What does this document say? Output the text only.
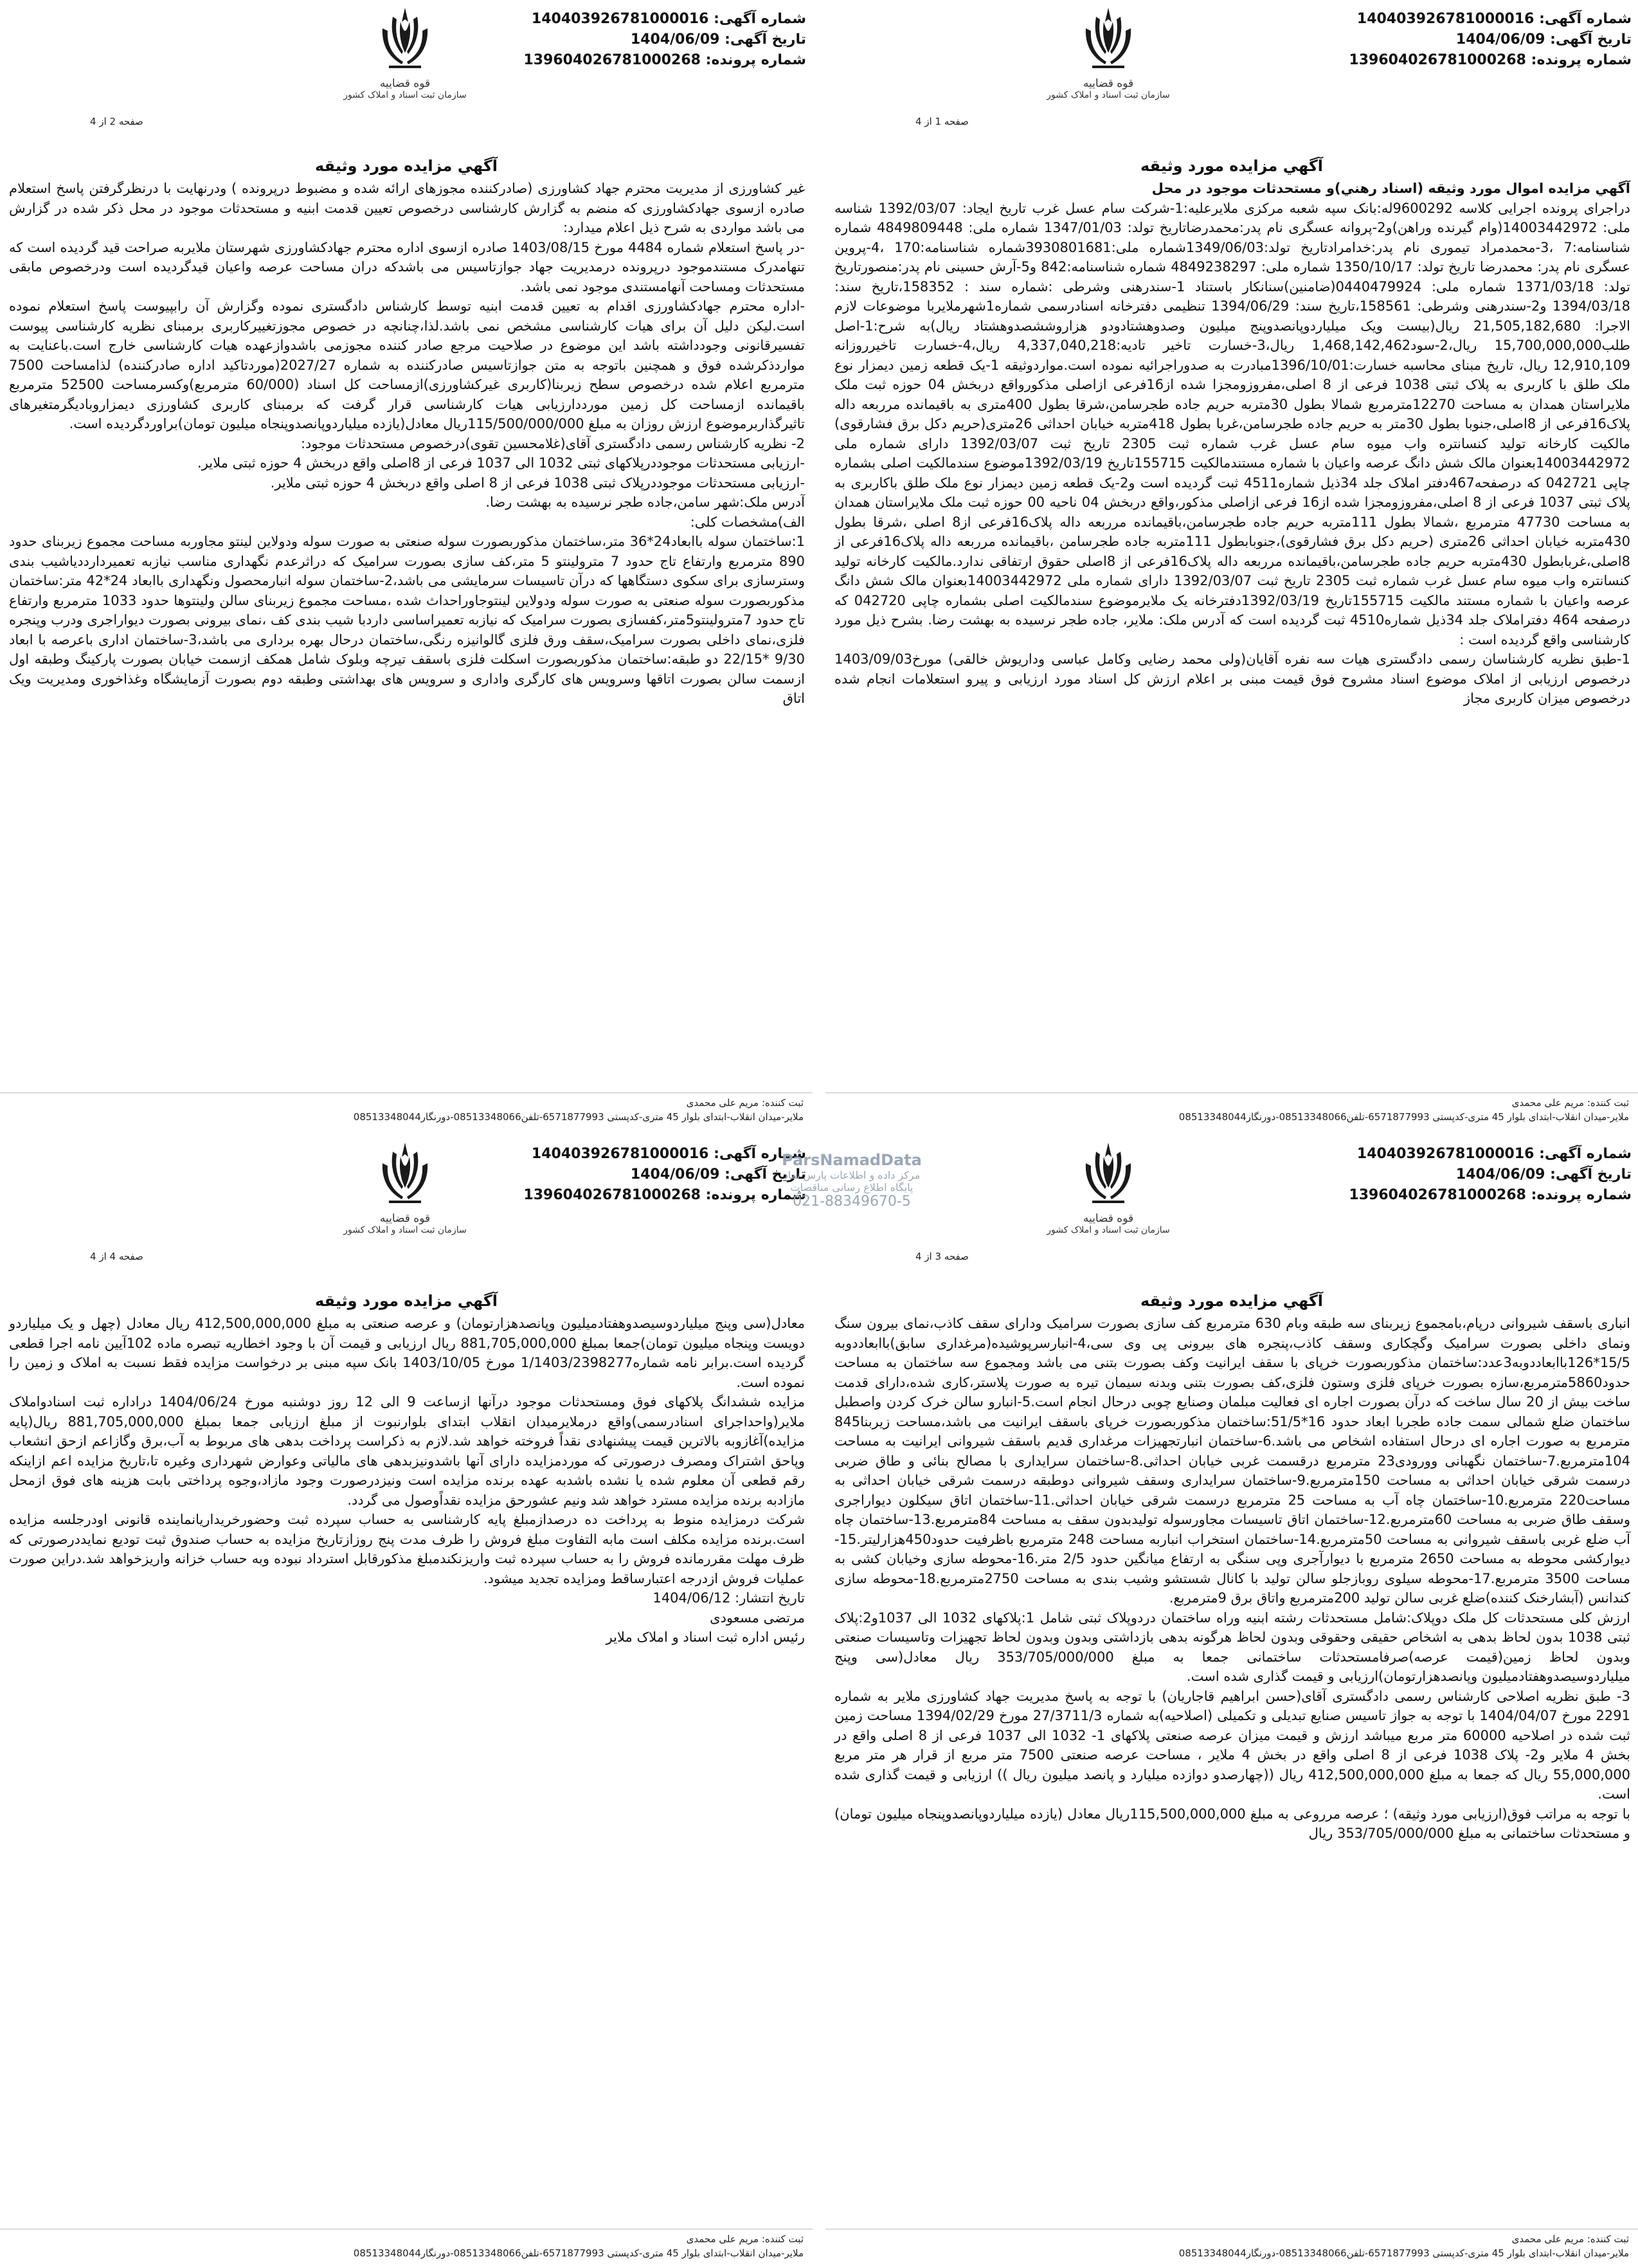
شماره آگهی: 140403926781000016
تاریخ آگهی: 1404/06/09
شماره پرونده: 139604026781000268
قوه قضاییه
سازمان ثبت اسناد و املاک کشور
صفحه 1 از 4
آگهي مزايده مورد وثيقه

آگهي مزايده اموال مورد وثيقه (اسناد رهني)و مستحدثات موجود در محل

دراجرای پرونده اجرایی کلاسه 9600292له:بانک سپه شعبه مرکزی ملایرعلیه:1-شرکت سام عسل غرب تاریخ ایجاد: 1392/03/07 شناسه ملی: 14003442972(وام گیرنده وراهن)و2-پروانه عسگری نام پدر:محمدرضاتاریخ تولد: 1347/01/03 شماره ملی: 4849809448 شماره شناسنامه:7 ،3-محمدمراد تیموری نام پدر:خدامرادتاریخ تولد:1349/06/03شماره ملی:3930801681شماره شناسنامه:170 ،4-پروین عسگری نام پدر: محمدرضا تاریخ تولد: 1350/10/17 شماره ملی: 4849238297 شماره شناسنامه:842 و5-آرش حسینی نام پدر:منصورتاریخ تولد: 1371/03/18 شماره ملی: 0440479924(ضامنین)سنانکار باستناد 1-سندرهنی وشرطی :شماره سند : 158352،تاریخ سند: 1394/03/18 و2-سندرهنی وشرطی: 158561،تاریخ سند: 1394/06/29 تنظیمی دفترخانه اسنادرسمی شماره1شهرملایربا موضوعات لازم الاجرا: 21,505,182,680 ریال(بیست ویک میلیاردوپانصدوپنج میلیون وصدوهشتادودو هزاروششصدوهشتاد ریال)به شرح:1-اصل طلب15,700,000,000 ریال،2-سود1,468,142,462 ریال،3-خسارت تاخیر تادیه:4,337,040,218 ریال،4-خسارت تاخیرروزانه 12,910,109 ریال، تاریخ مبنای محاسبه خسارت:1396/10/01مبادرت به صدوراجرائیه نموده است.مواردوثیقه 1-یک قطعه زمین دیمزار نوع ملک طلق با کاربری به پلاک ثبتی 1038 فرعی از 8 اصلی،مفروزومجزا شده از16فرعی ازاصلی مذکورواقع دربخش 04 حوزه ثبت ملک ملایراستان همدان به مساحت 12270مترمربع شمالا بطول 30متربه حریم جاده طجرسامن،شرقا بطول 400متری به باقیمانده مرربعه داله پلاک16فرعی از 8اصلی،جنوبا بطول 30متر به حریم جاده طجرسامن،غربا بطول 418متربه خیابان احداثی 26متری(حریم دکل برق فشارقوی) مالکیت کارخانه تولید کنسانتره واب میوه سام عسل غرب شماره ثبت 2305 تاریخ ثبت 1392/03/07 دارای شماره ملی 14003442972بعنوان مالک شش دانگ عرصه واعیان با شماره مستندمالکیت 155715تاریخ 1392/03/19موضوع سندمالکیت اصلی بشماره چاپی 042721 که درصفحه467دفتر املاک جلد 34ذیل شماره4511 ثبت گردیده است و2-یک قطعه زمین دیمزار نوع ملک طلق باکاربری به پلاک ثبتی 1037 فرعی از 8 اصلی،مفروزومجزا شده از16 فرعی ازاصلی مذکور،واقع دربخش 04 ناحیه 00 حوزه ثبت ملک ملایراستان همدان به مساحت 47730 مترمربع ،شمالا بطول 111متربه حریم جاده طجرسامن،باقیمانده مرربعه داله پلاک16فرعی از8 اصلی ،شرقا بطول 430متربه خیابان احداثی 26متری (حریم دکل برق فشارقوی)،جنوبابطول 111متربه جاده طجرسامن ،باقیمانده مرربعه داله پلاک16فرعی از 8اصلی،غربابطول 430متربه حریم جاده طجرسامن،باقیمانده مرربعه داله پلاک16فرعی از 8اصلی حقوق ارتفاقی ندارد.مالکیت کارخانه تولید کنسانتره واب میوه سام عسل غرب شماره ثبت 2305 تاریخ ثبت 1392/03/07 دارای شماره ملی 14003442972بعنوان مالک شش دانگ عرصه واعیان با شماره مستند مالکیت 155715تاریخ 1392/03/19دفترخانه یک ملایرموضوع سندمالکیت اصلی بشماره چاپی 042720 که درصفحه 464 دفتراملاک جلد 34ذیل شماره4510 ثبت گردیده است که آدرس ملک: ملایر، جاده طجر نرسیده به بهشت رضا. بشرح ذیل مورد کارشناسی واقع گردیده است :

1-طبق نظریه کارشناسان رسمی دادگستری هیات سه نفره آقایان(ولی محمد رضایی وکامل عباسی وداریوش خالقی) مورخ1403/09/03 درخصوص ارزیابی از املاک موضوع اسناد مشروح فوق قیمت مبنی بر اعلام ارزش کل اسناد مورد ارزیابی و پیرو استعلامات انجام شده درخصوص میزان کاربری مجاز

ثبت کننده: مریم علی محمدی
ملایر-میدان انقلاب-ابتدای بلوار 45 متری-کدپستی 6571877993-تلفن08513348066-دورنگار08513348044
شماره آگهی: 140403926781000016
تاریخ آگهی: 1404/06/09
شماره پرونده: 139604026781000268
قوه قضاییه
سازمان ثبت اسناد و املاک کشور
صفحه 2 از 4
آگهي مزايده مورد وثيقه

غیر کشاورزی از مدیریت محترم جهاد کشاورزی (صادرکننده مجوزهای ارائه شده و مضبوط درپرونده ) ودرنهایت با درنظرگرفتن پاسخ استعلام صادره ازسوی جهادکشاورزی که منضم به گزارش کارشناسی درخصوص تعیین قدمت ابنیه و مستحدثات موجود در محل ذکر شده در گزارش می باشد مواردی به شرح ذیل اعلام میدارد:

-در پاسخ استعلام شماره 4484 مورخ 1403/08/15 صادره ازسوی اداره محترم جهادکشاورزی شهرستان ملایربه صراحت قید گردیده است که تنهامدرک مستندموجود درپرونده درمدیریت جهاد جوازتاسیس می باشدکه دران مساحت عرصه واعیان قیدگردیده است ودرخصوص مابقی مستحدثات ومساحت آنهامستندی موجود نمی باشد.

-اداره محترم جهادکشاورزی اقدام به تعیین قدمت ابنیه توسط کارشناس دادگستری نموده وگزارش آن رابپیوست پاسخ استعلام نموده است.لیکن دلیل آن برای هیات کارشناسی مشخص نمی باشد.لذا،چنانچه در خصوص مجوزتغییرکاربری برمبنای نظریه کارشناسی پیوست تفسیرقانونی وجودداشته باشد این موضوع در صلاحیت مرجع صادر کننده مجوزمی باشدوازعهده هیات کارشناسی خارج است.باعنایت به مواردذکرشده فوق و همچنین باتوجه به متن جوازتاسیس صادرکننده به شماره 2027/27(موردتاکید اداره صادرکننده) لذامساحت 7500 مترمربع اعلام شده درخصوص سطح زیربنا(کاربری غیرکشاورزی)ازمساحت کل اسناد (60/000 مترمربع)وکسرمساحت 52500 مترمربع باقیمانده ازمساحت کل زمین مورددارزیابی هیات کارشناسی قرار گرفت که برمبنای کاربری کشاورزی دیمزاروبادیگرمتغیرهای تاثیرگذاربرموضوع ارزش روزان به مبلغ 115/500/000/000ریال معادل(یازده میلیاردوپانصدوپنجاه میلیون تومان)براوردگردیده است.

2- نظریه کارشناس رسمی دادگستری آقای(غلامحسین تقوی)درخصوص مستحدثات موجود:

-ارزیابی مستحدثات موجوددرپلاکهای ثبتی 1032 الی 1037 فرعی از 8اصلی واقع دربخش 4 حوزه ثبتی ملایر.

-ارزیابی مستحدثات موجوددرپلاک ثبتی 1038 فرعی از 8 اصلی واقع دربخش 4 حوزه ثبتی ملایر.

آدرس ملک:شهر سامن،جاده طجر نرسیده به بهشت رضا.

الف)مشخصات کلی:

1:ساختمان سوله باابعاد24*36 متر،ساختمان مذکوربصورت سوله صنعتی به صورت سوله ودولاین لینتو مجاوربه مساحت مجموع زیربنای حدود 890 مترمربع وارتفاع تاج حدود 7 مترولینتو 5 متر،کف سازی بصورت سرامیک که دراثرعدم نگهداری مناسب نیازبه تعمیردارددیاشیب بندی وسترسازی برای سکوی دستگاهها که درآن تاسیسات سرمایشی می باشد،2-ساختمان سوله انبارمحصول ونگهداری باابعاد 24*42 متر:ساختمان مذکوربصورت سوله صنعتی به صورت سوله ودولاین لینتوجاوراحداث شده ،مساحت مجموع زیربنای سالن ولینتوها حدود 1033 مترمربع وارتفاع تاج حدود 7مترولینتو5متر،کفسازی بصورت سرامیک که نیازبه تعمیراساسی داردبا شیب بندی کف ،نمای بیرونی بصورت دیواراجری ودرب وپنجره فلزی،نمای داخلی بصورت سرامیک،سقف ورق فلزی گالوانیزه رنگی،ساختمان درحال بهره برداری می باشد،3-ساختمان اداری باعرصه با ابعاد 9/30 *22/15 دو طبقه:ساختمان مذکوربصورت اسکلت فلزی باسقف تیرچه وبلوک شامل همکف ازسمت خیابان بصورت پارکینگ وطبقه اول ازسمت سالن بصورت اتاقها وسرویس های کارگری واداری و سرویس های بهداشتی وطبقه دوم بصورت آزمایشگاه وغذاخوری ومدیریت ویک اتاق

ثبت کننده: مریم علی محمدی
ملایر-میدان انقلاب-ابتدای بلوار 45 متری-کدپستی 6571877993-تلفن08513348066-دورنگار08513348044
شماره آگهی: 140403926781000016
تاریخ آگهی: 1404/06/09
شماره پرونده: 139604026781000268
قوه قضاییه
سازمان ثبت اسناد و املاک کشور
صفحه 3 از 4
آگهي مزايده مورد وثيقه

انباری باسقف شیروانی درپام،بامجموع زیربنای سه طبقه وبام 630 مترمربع کف سازی بصورت سرامیک ودارای سقف کاذب،نمای بیرون سنگ ونمای داخلی بصورت سرامیک وگچکاری وسقف کاذب،پنجره های بیرونی پی وی سی،4-انبارسرپوشیده(مرغداری سابق)باابعاددوبه 15/5*126باابعاددوبه3عدد:ساختمان مذکوربصورت خرپای با سقف ایرانیت وکف بصورت بتنی می باشد ومجموع سه ساختمان به مساحت حدود5860مترمربع،سازه بصورت خرپای فلزی وستون فلزی،کف بصورت بتنی وبدنه سیمان تیره به صورت پلاستر،کاری شده،دارای قدمت ساخت بیش از 20 سال ساخت که درآن بصورت اجاره ای فعالیت مبلمان وصنایع چوبی درحال انجام است.5-انبارو سالن خرک کردن واصطبل ساختمان ضلع شمالی سمت جاده طجربا ابعاد حدود 16*51/5:ساختمان مذکوربصورت خرپای باسقف ایرانیت می باشد،مساحت زیربنا845 مترمربع به صورت اجاره ای درحال استفاده اشخاص می باشد.6-ساختمان انبارتجهیزات مرغداری قدیم باسقف شیروانی ایرانیت به مساحت 104مترمربع.7-ساختمان نگهبانی وورودی23 مترمربع درقسمت غربی خیابان احداثی.8-ساختمان سرایداری با مصالح بنائی و طاق ضربی درسمت شرقی خیابان احداثی به مساحت 150مترمربع.9-ساختمان سرایداری وسقف شیروانی دوطبقه درسمت شرقی خیابان احداثی به مساحت220 مترمربع.10-ساختمان چاه آب به مساحت 25 مترمربع درسمت شرقی خیابان احداثی.11-ساختمان اتاق سیکلون دیواراجری وسقف طاق ضربی به مساحت 60مترمربع.12-ساختمان اتاق تاسیسات مجاورسوله تولیدبدون سقف به مساحت 84مترمربع.13-ساختمان چاه آب ضلع غربی باسقف شیروانی به مساحت 50مترمربع.14-ساختمان استخراب انباربه مساحت 248 مترمربع باظرفیت حدود450هزارلیتر.15-دیوارکشی محوطه به مساحت 2650 مترمربع با دیوارآجری وپی سنگی به ارتفاع میانگین حدود 2/5 متر.16-محوطه سازی وخیابان کشی به مساحت 3500 مترمربع.17-محوطه سیلوی روبازجلو سالن تولید با کانال شستشو وشیب بندی به مساحت 2750مترمربع.18-محوطه سازی کندانس (آبشارخنک کننده)ضلع غربی سالن تولید 200مترمربع واتاق برق 9مترمربع.

ارزش کلی مستحدثات کل ملک دوپلاک:شامل مستحدثات رشته ابنیه وراه ساختمان دردوپلاک ثبتی شامل 1:پلاکهای 1032 الی 1037و2:پلاک ثبتی 1038 بدون لحاظ بدهی به اشخاص حقیقی وحقوقی وبدون لحاظ هرگونه بدهی بازداشتی وبدون وبدون لحاظ تجهیزات وتاسیسات صنعتی وبدون لحاظ زمین(قیمت عرصه)صرفامستحدثات ساختمانی جمعا به مبلغ 353/705/000/000 ریال معادل(سی وپنج میلیاردوسیصدوهفتادمیلیون وپانصدهزارتومان)ارزیابی و قیمت گذاری شده است.

3- طبق نظریه اصلاحی کارشناس رسمی دادگستری آقای(حسن ابراهیم قاجاریان) با توجه به پاسخ مدیریت جهاد کشاورزی ملایر به شماره 2291 مورخ 1404/04/07 با توجه به جواز تاسیس صنایع تبدیلی و تکمیلی (اصلاحیه)به شماره 27/3711/3 مورخ 1394/02/29 مساحت زمین ثبت شده در اصلاحیه 60000 متر مربع میباشد ارزش و قیمت میزان عرصه صنعتی پلاکهای 1- 1032 الی 1037 فرعی از 8 اصلی واقع در بخش 4 ملایر و2- پلاک 1038 فرعی از 8 اصلی واقع در بخش 4 ملایر ، مساحت عرصه صنعتی 7500 متر مربع از قرار هر متر مربع 55,000,000 ریال که جمعا به مبلغ 412,500,000,000 ریال ((چهارصدو دوازده میلیارد و پانصد میلیون ریال )) ارزیابی و قیمت گذاری شده است.

با توجه به مراتب فوق(ارزیابی مورد وثیقه) ؛ عرصه مرروعی به مبلغ 115,500,000,000ریال معادل (یازده میلیاردوپانصدوپنجاه میلیون تومان) و مستحدثات ساختمانی به مبلغ 353/705/000/000 ریال

ثبت کننده: مریم علی محمدی
ملایر-میدان انقلاب-ابتدای بلوار 45 متری-کدپستی 6571877993-تلفن08513348066-دورنگار08513348044
شماره آگهی: 140403926781000016
تاریخ آگهی: 1404/06/09
شماره پرونده: 139604026781000268
قوه قضاییه
سازمان ثبت اسناد و املاک کشور
صفحه 4 از 4
آگهي مزايده مورد وثيقه

معادل(سی وپنج میلیاردوسیصدوهفتادمیلیون وپانصدهزارتومان) و عرصه صنعتی به مبلغ 412,500,000,000 ریال معادل (چهل و یک میلیاردو دویست وپنجاه میلیون تومان)جمعا بمبلغ 881,705,000,000 ریال ارزیابی و قیمت آن با وجود اخطاریه تبصره ماده 102آیین نامه اجرا قطعی گردیده است.برابر نامه شماره1/1403/2398277 مورخ 1403/10/05 بانک سپه مبنی بر درخواست مزایده فقط نسبت به املاک و زمین را نموده است.

مزایده ششدانگ پلاکهای فوق ومستحدثات موجود درآنها ازساعت 9 الی 12 روز دوشنبه مورخ 1404/06/24 دراداره ثبت اسنادواملاک ملایر(واحداجرای اسنادرسمی)واقع درملایرمیدان انقلاب ابتدای بلوارنبوت از مبلغ ارزیابی جمعا بمبلغ 881,705,000,000 ریال(پایه مزایده)آغازوبه بالاترین قیمت پیشنهادی نقداً فروخته خواهد شد.لازم به ذکراست پرداخت بدهی های مربوط به آب،برق وگازاعم ازحق انشعاب وپاحق اشتراک ومصرف درصورتی که موردمزایده دارای آنها باشدونیزبدهی های مالیاتی وعوارض شهرداری وغیره تا،تاریخ مزایده اعم ازاینکه رقم قطعی آن معلوم شده یا نشده باشدبه عهده برنده مزایده است ونیزدرصورت وجود مازاد،وجوه پرداختی بابت هزینه های فوق ازمحل مازادبه برنده مزایده مسترد خواهد شد ونیم عشورحق مزایده نقداًوصول می گردد.

شرکت درمزایده منوط به پرداخت ده درصدازمبلغ پایه کارشناسی به حساب سپرده ثبت وحضورخریداریانماینده قانونی اودرجلسه مزایده است.برنده مزایده مکلف است مابه التفاوت مبلغ فروش را ظرف مدت پنج روزازتاریخ مزایده به حساب صندوق ثبت تودیع نمایددرصورتی که ظرف مهلت مقررمانده فروش را به حساب سپرده ثبت واریزنکندمبلغ مذکورقابل استرداد نبوده وبه حساب خزانه واریزخواهد شد.دراین صورت عملیات فروش ازدرجه اعتبارساقط ومزایده تجدید میشود.

تاریخ انتشار: 1404/06/12

مرتضی مسعودی

رئیس اداره ثبت اسناد و املاک ملایر

ثبت کننده: مریم علی محمدی
ملایر-میدان انقلاب-ابتدای بلوار 45 متری-کدپستی 6571877993-تلفن08513348066-دورنگار08513348044
ParsNamadData
مرکز داده و اطلاعات پارس نماد
پایگاه اطلاع رسانی مناقصات
021-88349670-5
